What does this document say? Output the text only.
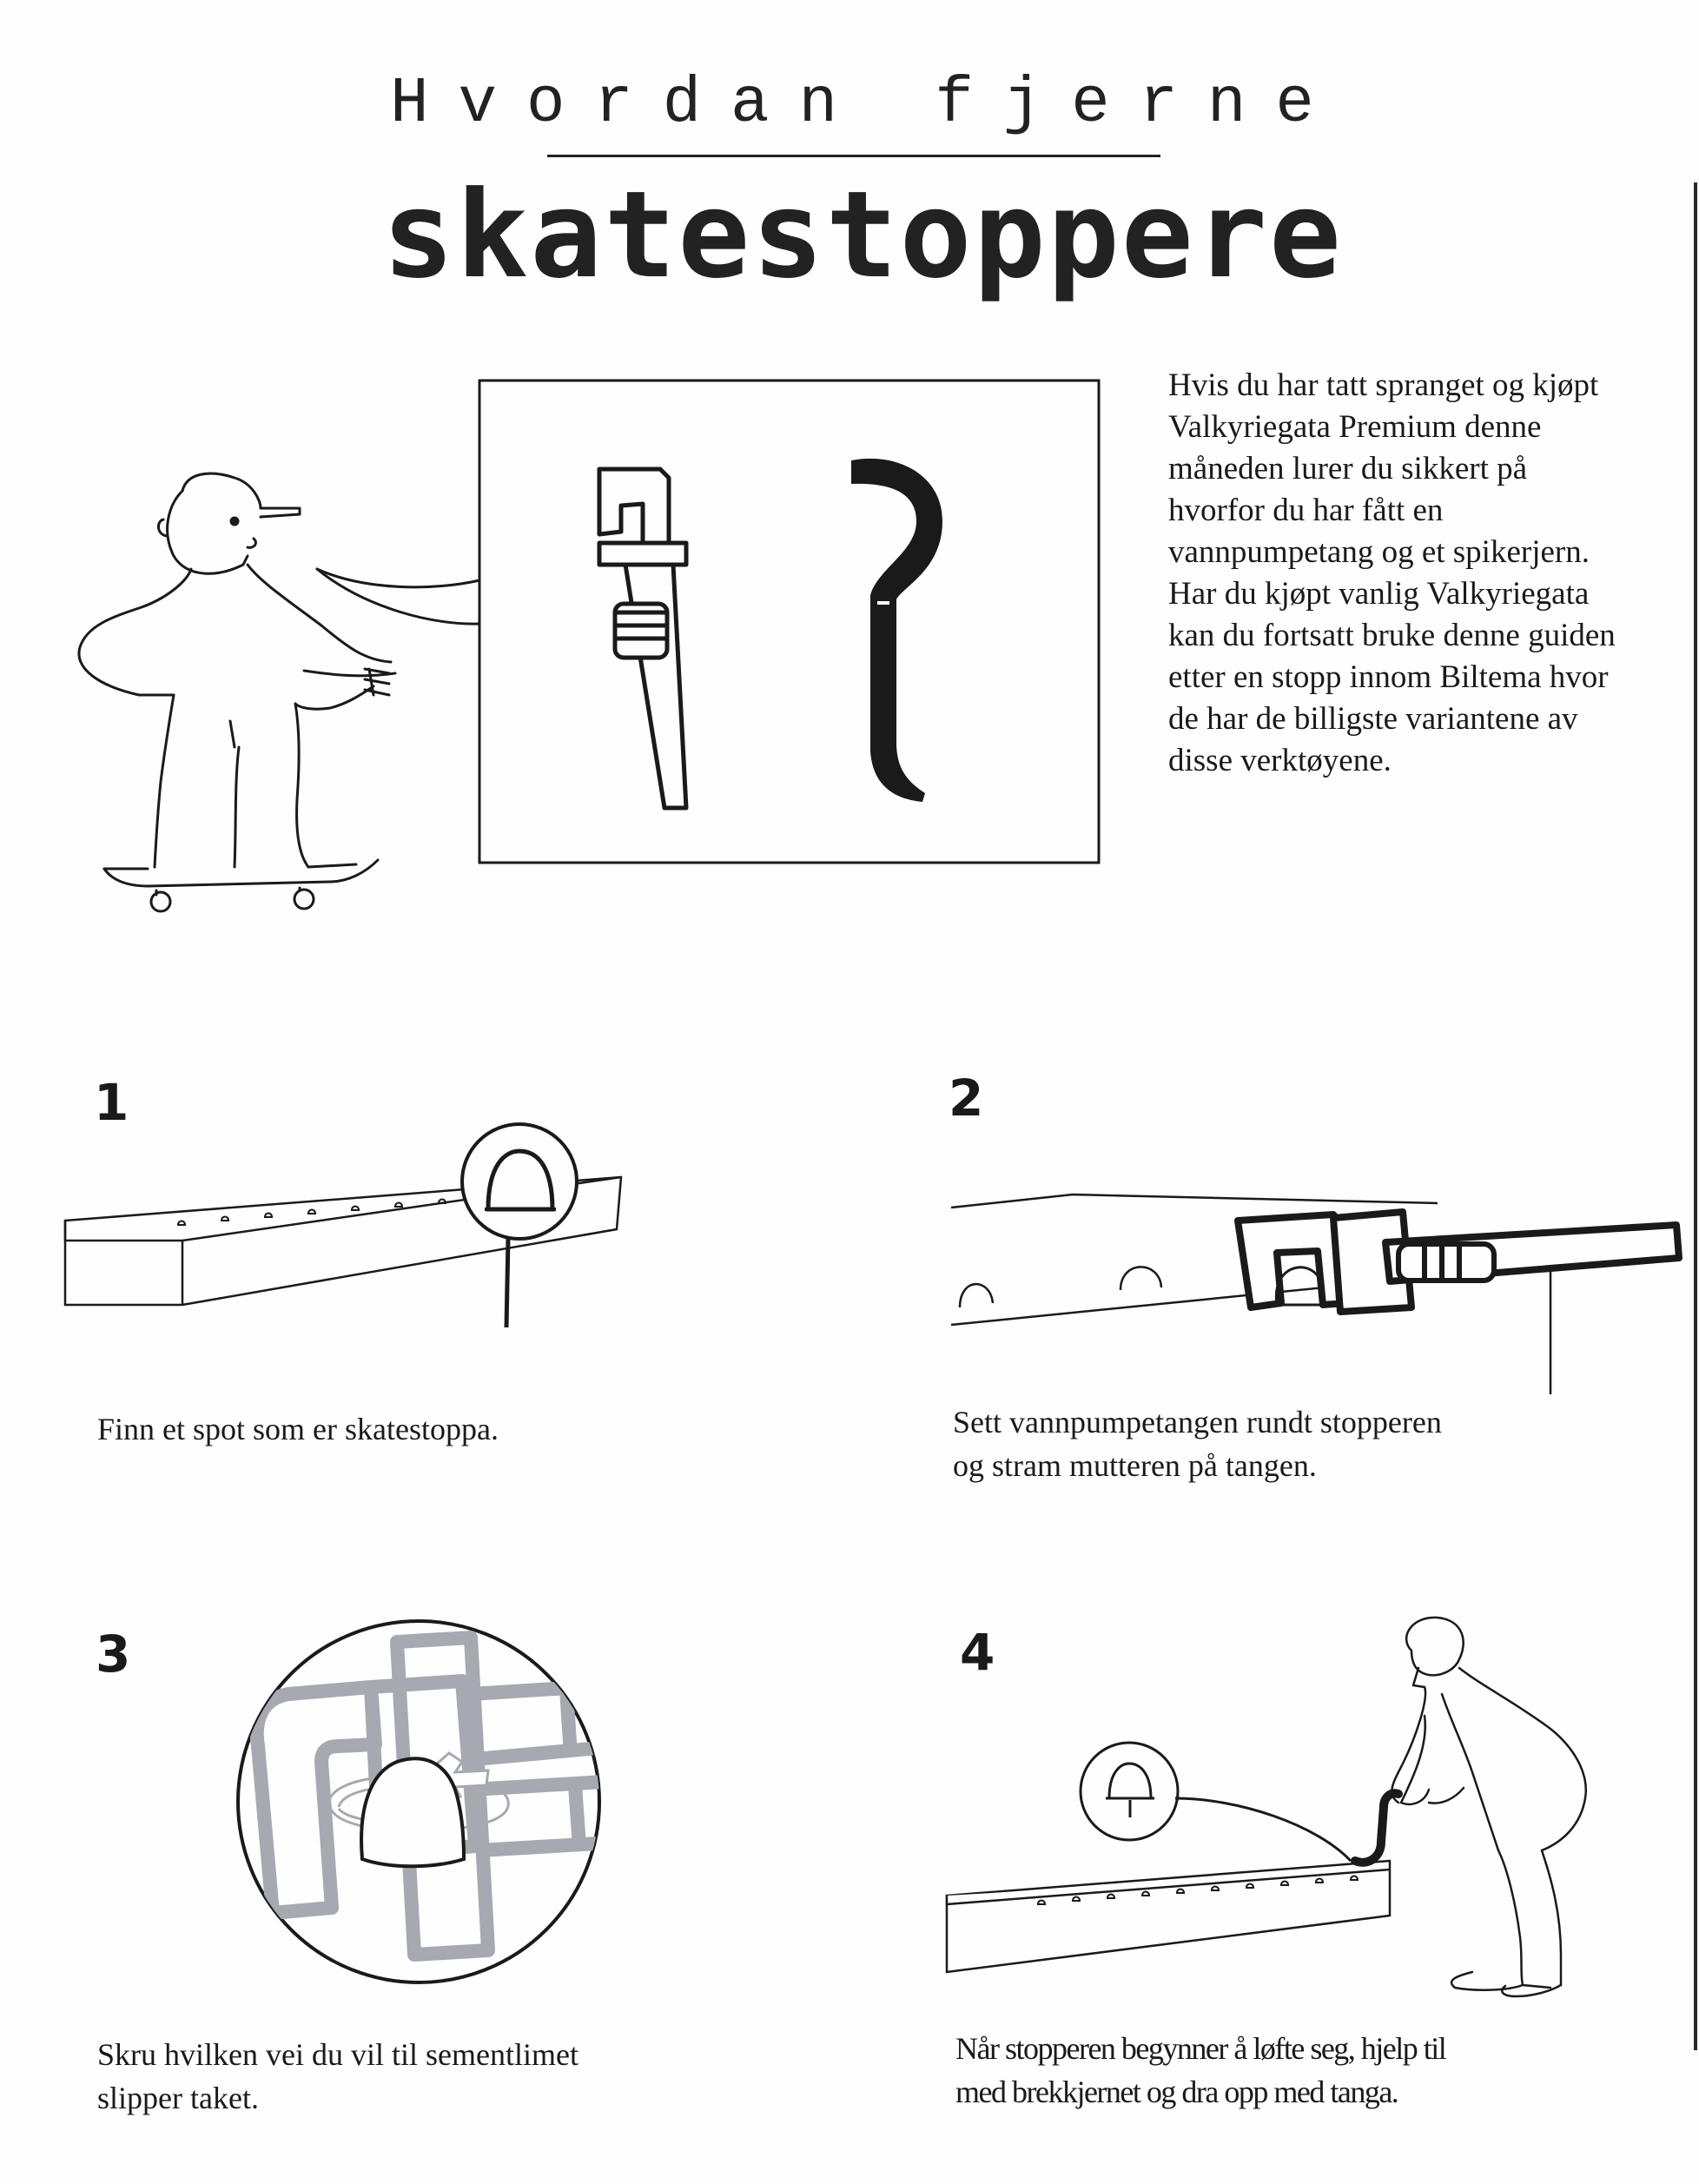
Hvordan fjerne
skatestoppere
Hvis du har tatt spranget og kjøpt Valkyriegata Premium denne måneden lurer du sikkert på hvorfor du har fått en vannpumpetang og et spikerjern. Har du kjøpt vanlig Valkyriegata kan du fortsatt bruke denne guiden etter en stopp innom Biltema hvor de har de billigste variantene av disse verktøyene.
1
Finn et spot som er skatestoppa.
2
Sett vannpumpetangen rundt stopperen
og stram mutteren på tangen.
3
Skru hvilken vei du vil til sementlimet
slipper taket.
4
Når stopperen begynner å løfte seg, hjelp til
med brekkjernet og dra opp med tanga.
